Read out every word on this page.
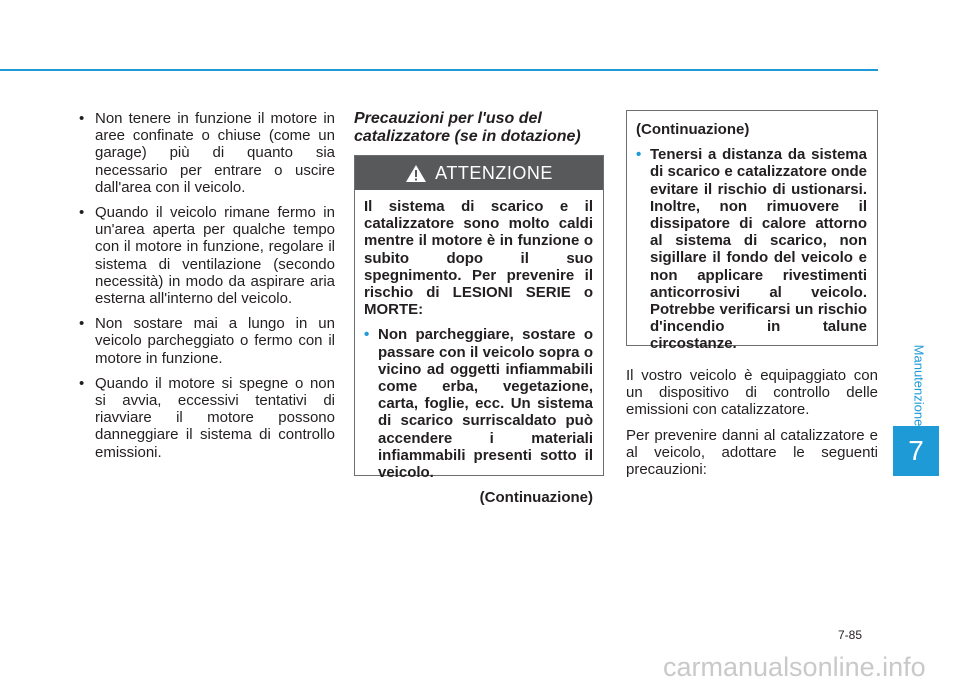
• Non tenere in funzione il motore in aree confinate o chiuse (come un garage) più di quanto sia necessario per entrare o uscire dall'area con il veicolo.
• Quando il veicolo rimane fermo in un'area aperta per qualche tempo con il motore in funzione, regolare il sistema di ventilazione (secondo necessità) in modo da aspirare aria esterna all'interno del veicolo.
• Non sostare mai a lungo in un veicolo parcheggiato o fermo con il motore in funzione.
• Quando il motore si spegne o non si avvia, eccessivi tentativi di riavviare il motore possono danneggiare il sistema di controllo emissioni.
Precauzioni per l'uso del catalizzatore (se in dotazione)
ATTENZIONE

Il sistema di scarico e il catalizzatore sono molto caldi mentre il motore è in funzione o subito dopo il suo spegnimento. Per prevenire il rischio di LESIONI SERIE o MORTE:

• Non parcheggiare, sostare o passare con il veicolo sopra o vicino ad oggetti infiammabili come erba, vegetazione, carta, foglie, ecc. Un sistema di scarico surriscaldato può accendere i materiali infiammabili presenti sotto il veicolo.
(Continuazione)

(Continuazione)

• Tenersi a distanza da sistema di scarico e catalizzatore onde evitare il rischio di ustionarsi. Inoltre, non rimuovere il dissipatore di calore attorno al sistema di scarico, non sigillare il fondo del veicolo e non applicare rivestimenti anticorrosivi al veicolo. Potrebbe verificarsi un rischio d'incendio in talune circostanze.

Il vostro veicolo è equipaggiato con un dispositivo di controllo delle emissioni con catalizzatore.

Per prevenire danni al catalizzatore e al veicolo, adottare le seguenti precauzioni:

Manutenzione
7
7-85
carmanualsonline.info
